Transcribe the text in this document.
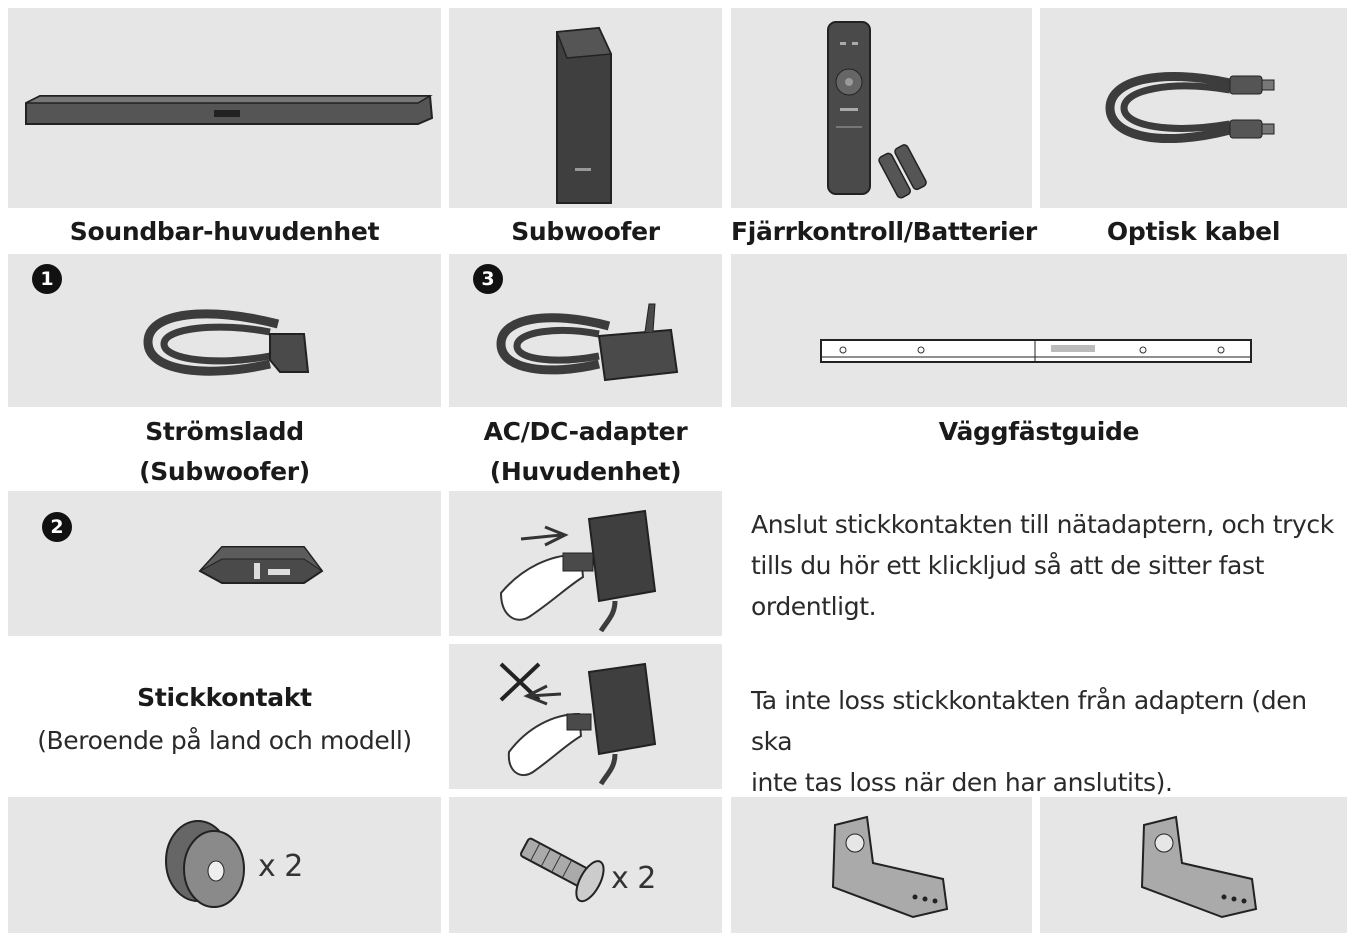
Soundbar-huvudenhet	Subwoofer	Fjärrkontroll/Batterier	Optisk kabel
1
Strömsladd
(Subwoofer)
3
AC/DC-adapter
(Huvudenhet)
Väggfästguide
2	Anslut stickkontakten till nätadaptern, och tryck
tills du hör ett klickljud så att de sitter fast
ordentligt.
Stickkontakt
(Beroende på land och modell)
Ta inte loss stickkontakten från adaptern (den ska
inte tas loss när den har anslutits).
x 2	x 2
